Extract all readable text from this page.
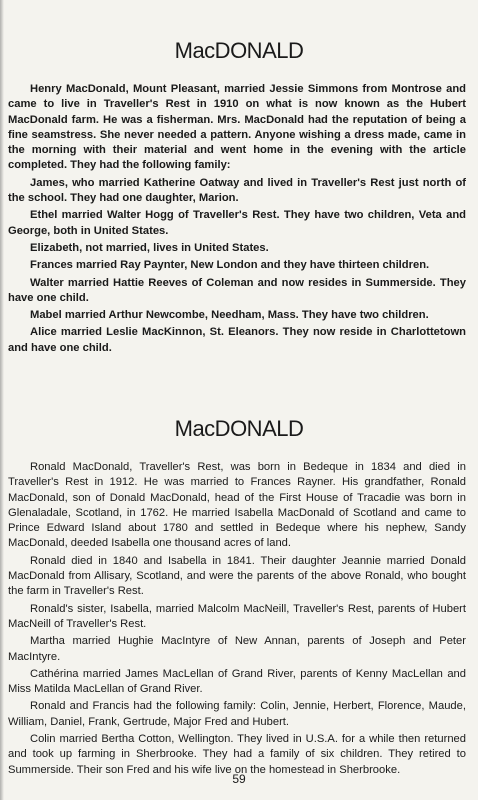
MacDONALD

Henry MacDonald, Mount Pleasant, married Jessie Simmons from Montrose and came to live in Traveller's Rest in 1910 on what is now known as the Hubert MacDonald farm. He was a fisherman. Mrs. MacDonald had the reputation of being a fine seamstress. She never needed a pattern. Anyone wishing a dress made, came in the morning with their material and went home in the evening with the article completed. They had the following family:

James, who married Katherine Oatway and lived in Traveller's Rest just north of the school. They had one daughter, Marion.

Ethel married Walter Hogg of Traveller's Rest. They have two children, Veta and George, both in United States.

Elizabeth, not married, lives in United States.

Frances married Ray Paynter, New London and they have thirteen children.

Walter married Hattie Reeves of Coleman and now resides in Summerside. They have one child.

Mabel married Arthur Newcombe, Needham, Mass. They have two children.

Alice married Leslie MacKinnon, St. Eleanors. They now reside in Charlottetown and have one child.

MacDONALD

Ronald MacDonald, Traveller's Rest, was born in Bedeque in 1834 and died in Traveller's Rest in 1912. He was married to Frances Rayner. His grandfather, Ronald MacDonald, son of Donald MacDonald, head of the First House of Tracadie was born in Glenaladale, Scotland, in 1762. He married Isabella MacDonald of Scotland and came to Prince Edward Island about 1780 and settled in Bedeque where his nephew, Sandy MacDonald, deeded Isabella one thousand acres of land.

Ronald died in 1840 and Isabella in 1841. Their daughter Jeannie married Donald MacDonald from Allisary, Scotland, and were the parents of the above Ronald, who bought the farm in Traveller's Rest.

Ronald's sister, Isabella, married Malcolm MacNeill, Traveller's Rest, parents of Hubert MacNeill of Traveller's Rest.

Martha married Hughie MacIntyre of New Annan, parents of Joseph and Peter MacIntyre.

Cathérina married James MacLellan of Grand River, parents of Kenny MacLellan and Miss Matilda MacLellan of Grand River.

Ronald and Francis had the following family: Colin, Jennie, Herbert, Florence, Maude, William, Daniel, Frank, Gertrude, Major Fred and Hubert.

Colin married Bertha Cotton, Wellington. They lived in U.S.A. for a while then returned and took up farming in Sherbrooke. They had a family of six children. They retired to Summerside. Their son Fred and his wife live on the homestead in Sherbrooke.

59
